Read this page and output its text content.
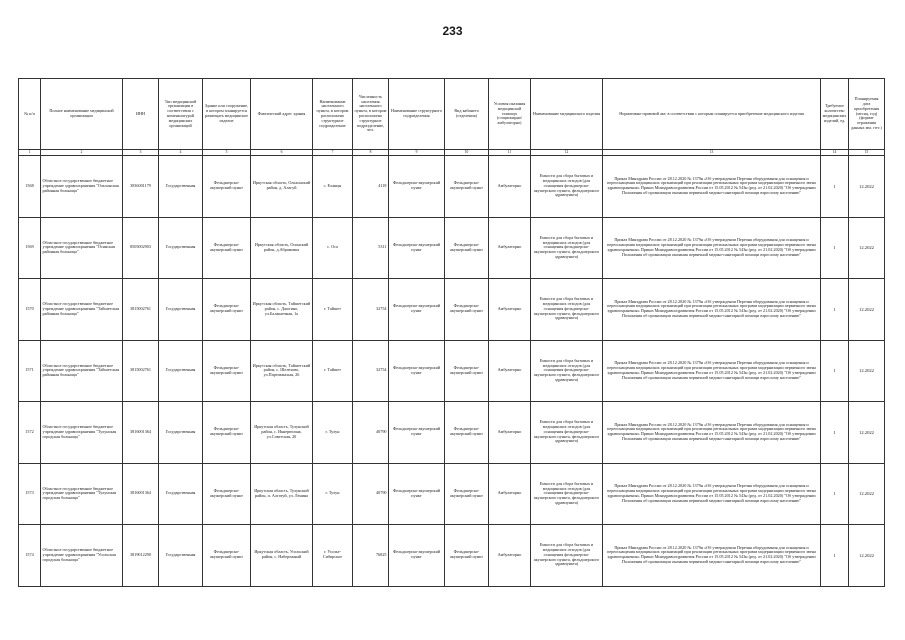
233
№ п/п	Полное наименование медицинской организации	ИНН	Тип медицинской организации в соответствии с номенклатурой медицинских организаций	Здание или сооружение, в котором планируется размещать медицинское изделие	Фактический адрес здания	Наименование населенного пункта, в котором расположено структурное подразделение	Численность населения населенного пункта, в котором расположено структурное подразделение, чел.	Наименование структурного подразделения	Вид кабинета (отделения)	Условия оказания медицинской помощи (стационарно/амбулаторно)	Наименование медицинского изделия	Нормативно-правовой акт, в соответствии с которым планируется приобретение медицинского изделия	Требуемое количество медицинских изделий, ед.	Планируемая дата приобретения (месяц, год) (формат отражения данных мм. гггг.)
1	2	3	4	5	6	7	8	9	10	11	12	13	14	15
1568	Областное государственное бюджетное учреждение здравоохранения "Ольхонская районная больница"	3836001179	Государственная	Фельдшерско-акушерский пункт	Иркутская область, Ольхонский район, д. Алагуй	с. Еланцы	4118	Фельдшерско-акушерский пункт	Фельдшерско-акушерский пункт	Амбулаторно	Емкости для сбора бытовых и медицинских отходов (для оснащения фельдшерско-акушерского пункта, фельдшерского здравпункта)	Приказ Минздрава России от 28.12.2020 № 1379н «Об утверждении Перечня оборудования для оснащения и переоснащения медицинских организаций при реализации региональных программ модернизации первичного звена здравоохранения» Приказ Минздравсоцразвития России от 15.05.2012 № 543н (ред. от 21.02.2020) "Об утверждении Положения об организации оказания первичной медико-санитарной помощи взрослому населению"	1	12.2022
1569	Областное государственное бюджетное учреждение здравоохранения "Осинская районная больница"	8505002903	Государственная	Фельдшерско-акушерский пункт	Иркутская область, Осинский район, д.Абрамовка	с. Оса	5311	Фельдшерско-акушерский пункт	Фельдшерско-акушерский пункт	Амбулаторно	Емкости для сбора бытовых и медицинских отходов (для оснащения фельдшерско-акушерского пункта, фельдшерского здравпункта)	Приказ Минздрава России от 28.12.2020 № 1379н «Об утверждении Перечня оборудования для оснащения и переоснащения медицинских организаций при реализации региональных программ модернизации первичного звена здравоохранения» Приказ Минздравсоцразвития России от 15.05.2012 № 543н (ред. от 21.02.2020) "Об утверждении Положения об организации оказания первичной медико-санитарной помощи взрослому населению"	1	12.2022
1570	Областное государственное бюджетное учреждение здравоохранения "Тайшетская районная больница"	3815002761	Государственная	Фельдшерско-акушерский пункт	Иркутская область, Тайшетский район, с. Джогино, ул.Балакаечная, 1а	г. Тайшет	32754	Фельдшерско-акушерский пункт	Фельдшерско-акушерский пункт	Амбулаторно	Емкости для сбора бытовых и медицинских отходов (для оснащения фельдшерско-акушерского пункта, фельдшерского здравпункта)	Приказ Минздрава России от 28.12.2020 № 1379н «Об утверждении Перечня оборудования для оснащения и переоснащения медицинских организаций при реализации региональных программ модернизации первичного звена здравоохранения» Приказ Минздравсоцразвития России от 15.05.2012 № 543н (ред. от 21.02.2020) "Об утверждении Положения об организации оказания первичной медико-санитарной помощи взрослому населению"	1	12.2022
1571	Областное государственное бюджетное учреждение здравоохранения "Тайшетская районная больница"	3815002761	Государственная	Фельдшерско-акушерский пункт	Иркутская область, Тайшетский район, с. Шелехово, ул.Партизанская, 26	г. Тайшет	32754	Фельдшерско-акушерский пункт	Фельдшерско-акушерский пункт	Амбулаторно	Емкости для сбора бытовых и медицинских отходов (для оснащения фельдшерско-акушерского пункта, фельдшерского здравпункта)	Приказ Минздрава России от 28.12.2020 № 1379н «Об утверждении Перечня оборудования для оснащения и переоснащения медицинских организаций при реализации региональных программ модернизации первичного звена здравоохранения» Приказ Минздравсоцразвития России от 15.05.2012 № 543н (ред. от 21.02.2020) "Об утверждении Положения об организации оказания первичной медико-санитарной помощи взрослому населению"	1	12.2022
1572	Областное государственное бюджетное учреждение здравоохранения "Тулунская городская больница"	3816001364	Государственная	Фельдшерско-акушерский пункт	Иркутская область, Тулунский район, с. Икнерюсина, ул.Советская, 20	г. Тулун	40790	Фельдшерско-акушерский пункт	Фельдшерско-акушерский пункт	Амбулаторно	Емкости для сбора бытовых и медицинских отходов (для оснащения фельдшерско-акушерского пункта, фельдшерского здравпункта)	Приказ Минздрава России от 28.12.2020 № 1379н «Об утверждении Перечня оборудования для оснащения и переоснащения медицинских организаций при реализации региональных программ модернизации первичного звена здравоохранения» Приказ Минздравсоцразвития России от 15.05.2012 № 543н (ред. от 21.02.2020) "Об утверждении Положения об организации оказания первичной медико-санитарной помощи взрослому населению"	1	12.2022
1573	Областное государственное бюджетное учреждение здравоохранения "Тулунская городская больница"	3816001364	Государственная	Фельдшерско-акушерский пункт	Иркутская область, Тулунский район, п. Алгатуй, ул. Ленина	г. Тулун	40790	Фельдшерско-акушерский пункт	Фельдшерско-акушерский пункт	Амбулаторно	Емкости для сбора бытовых и медицинских отходов (для оснащения фельдшерско-акушерского пункта, фельдшерского здравпункта)	Приказ Минздрава России от 28.12.2020 № 1379н «Об утверждении Перечня оборудования для оснащения и переоснащения медицинских организаций при реализации региональных программ модернизации первичного звена здравоохранения» Приказ Минздравсоцразвития России от 15.05.2012 № 543н (ред. от 21.02.2020) "Об утверждении Положения об организации оказания первичной медико-санитарной помощи взрослому населению"	1	12.2022
1574	Областное государственное бюджетное учреждение здравоохранения "Усольская городская больница"	3819012290	Государственная	Фельдшерско-акушерский пункт	Иркутская область, Усольский район, с. Набережный	г. Усолье-Сибирское	76825	Фельдшерско-акушерский пункт	Фельдшерско-акушерский пункт	Амбулаторно	Емкости для сбора бытовых и медицинских отходов (для оснащения фельдшерско-акушерского пункта, фельдшерского здравпункта)	Приказ Минздрава России от 28.12.2020 № 1379н «Об утверждении Перечня оборудования для оснащения и переоснащения медицинских организаций при реализации региональных программ модернизации первичного звена здравоохранения» Приказ Минздравсоцразвития России от 15.05.2012 № 543н (ред. от 21.02.2020) "Об утверждении Положения об организации оказания первичной медико-санитарной помощи взрослому населению"	1	12.2022
